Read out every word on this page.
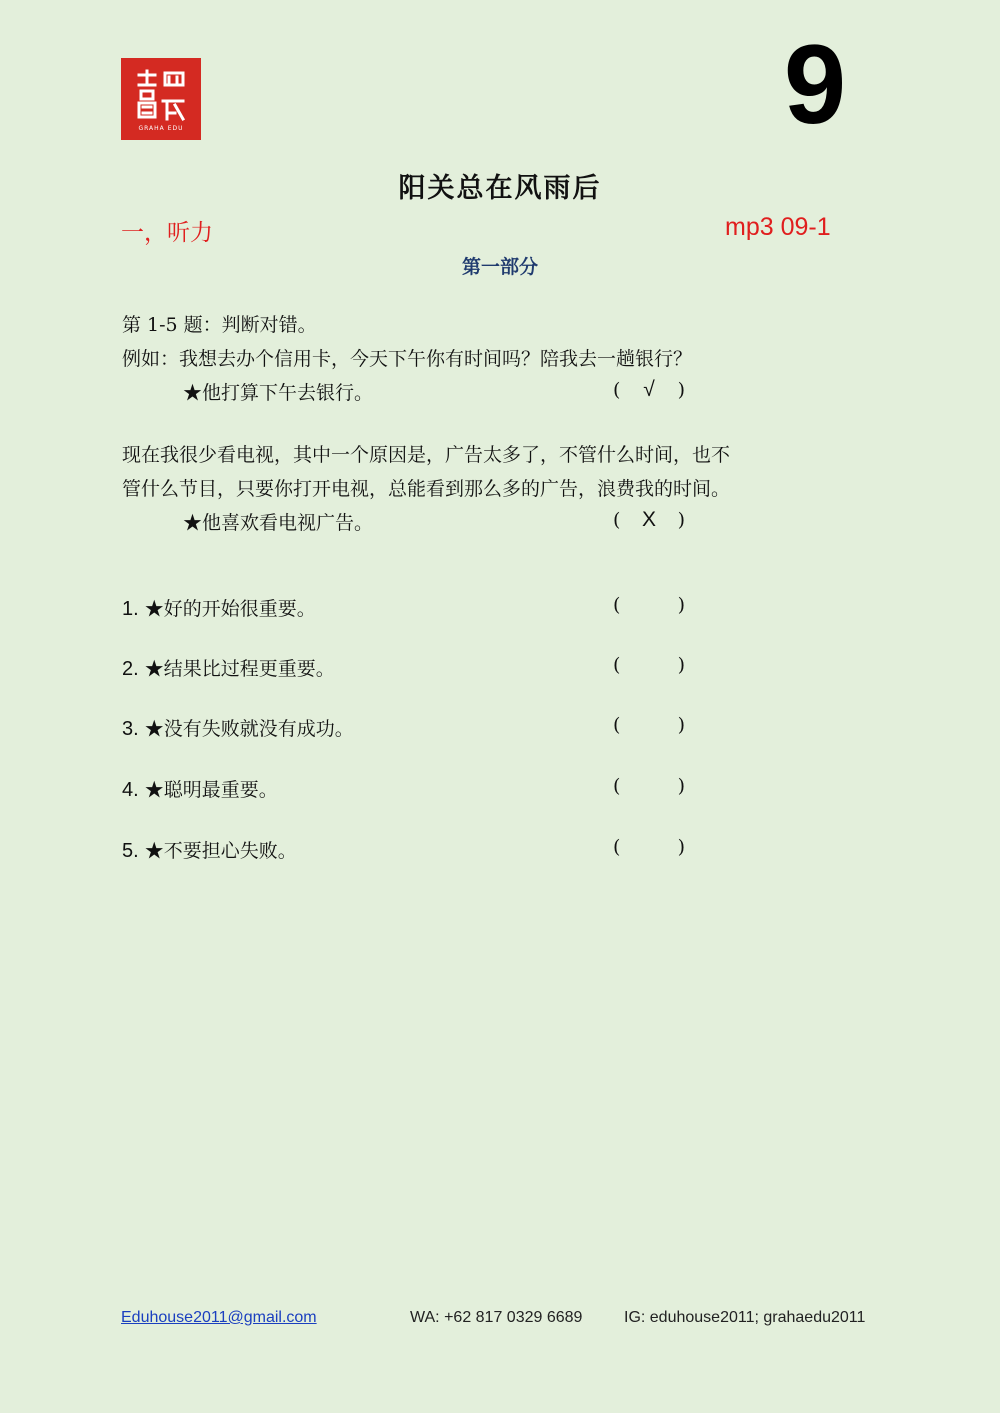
GRAHA EDU	9
阳关总在风雨后
一，听力	mp3 09-1
第一部分
第 1-5 题：判断对错。
例如：我想去办个信用卡，今天下午你有时间吗？陪我去一趟银行？
★他打算下午去银行。	( √ )
现在我很少看电视，其中一个原因是，广告太多了，不管什么时间，也不
管什么节目，只要你打开电视，总能看到那么多的广告，浪费我的时间。
★他喜欢看电视广告。	( X )
1. ★好的开始很重要。	(	)
2. ★结果比过程更重要。	(	)
3. ★没有失败就没有成功。	(	)
4. ★聪明最重要。	(	)
5. ★不要担心失败。	(	)
Eduhouse2011@gmail.com	WA: +62 817 0329 6689	IG: eduhouse2011; grahaedu2011
